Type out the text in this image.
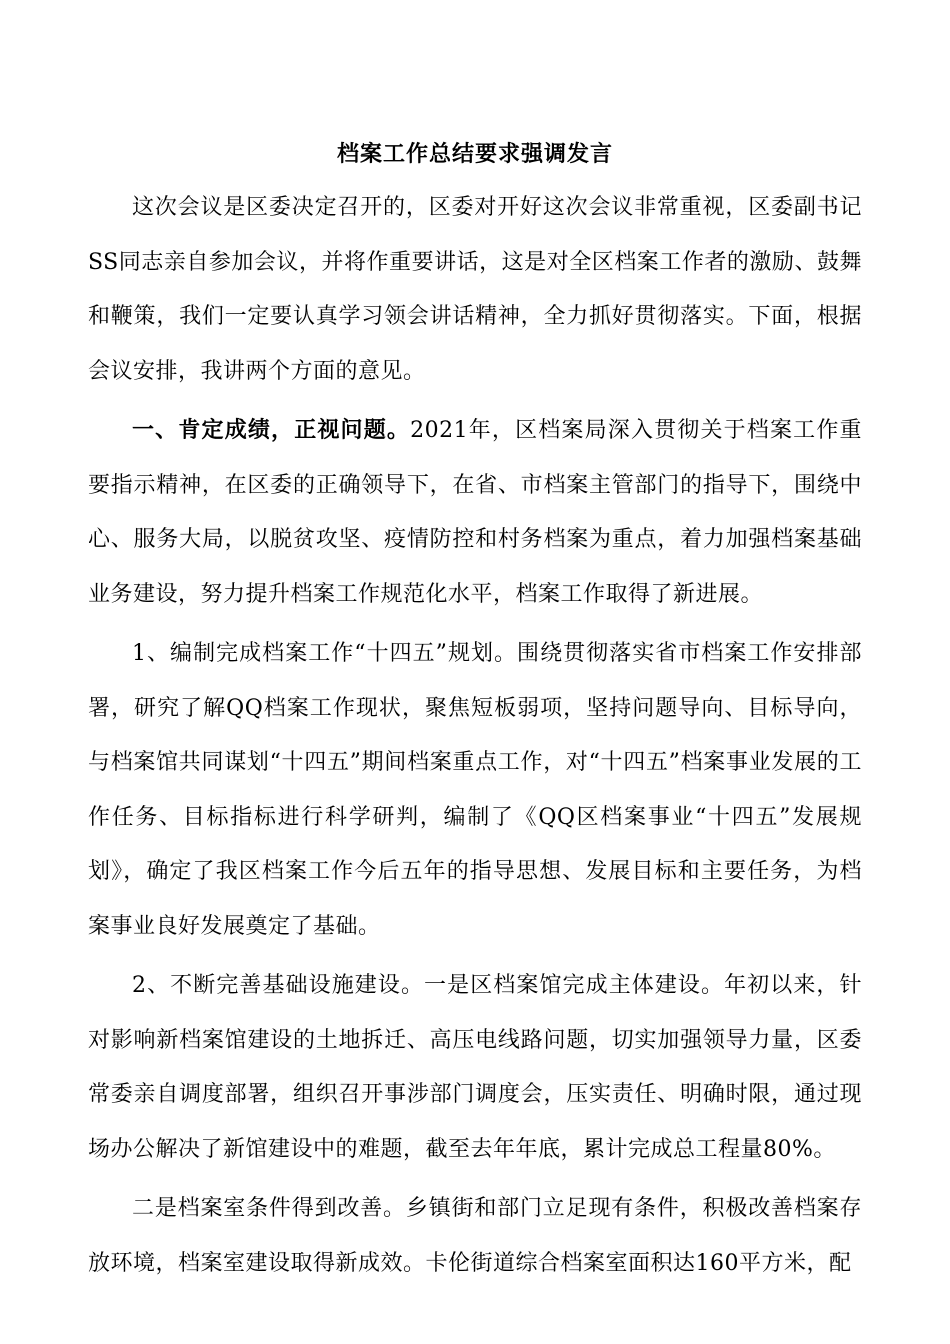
档案工作总结要求强调发言

这次会议是区委决定召开的，区委对开好这次会议非常重视，区委副书记SS同志亲自参加会议，并将作重要讲话，这是对全区档案工作者的激励、鼓舞和鞭策，我们一定要认真学习领会讲话精神，全力抓好贯彻落实。下面，根据会议安排，我讲两个方面的意见。

一、肯定成绩，正视问题。2021年，区档案局深入贯彻关于档案工作重要指示精神，在区委的正确领导下，在省、市档案主管部门的指导下，围绕中心、服务大局，以脱贫攻坚、疫情防控和村务档案为重点，着力加强档案基础业务建设，努力提升档案工作规范化水平，档案工作取得了新进展。

1、编制完成档案工作“十四五”规划。围绕贯彻落实省市档案工作安排部署，研究了解QQ档案工作现状，聚焦短板弱项，坚持问题导向、目标导向，与档案馆共同谋划“十四五”期间档案重点工作，对“十四五”档案事业发展的工作任务、目标指标进行科学研判，编制了《QQ区档案事业“十四五”发展规划》，确定了我区档案工作今后五年的指导思想、发展目标和主要任务，为档案事业良好发展奠定了基础。

2、不断完善基础设施建设。一是区档案馆完成主体建设。年初以来，针对影响新档案馆建设的土地拆迁、高压电线路问题，切实加强领导力量，区委常委亲自调度部署，组织召开事涉部门调度会，压实责任、明确时限，通过现场办公解决了新馆建设中的难题，截至去年年底，累计完成总工程量80%。

二是档案室条件得到改善。乡镇街和部门立足现有条件，积极改善档案存放环境，档案室建设取得新成效。卡伦街道综合档案室面积达160平方米，配
